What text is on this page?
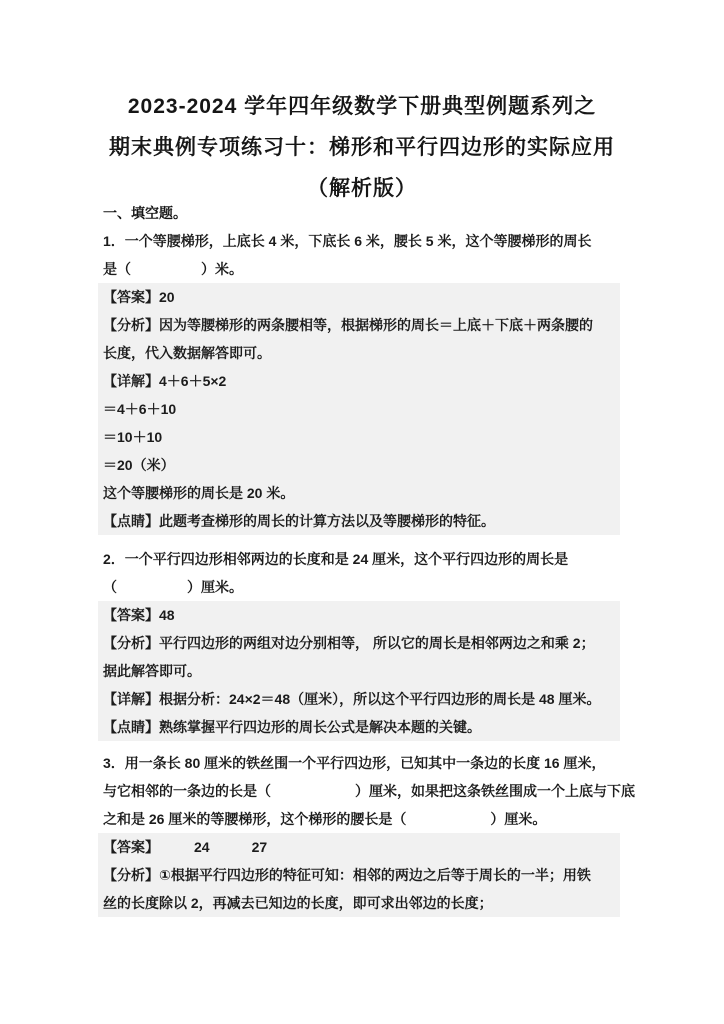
2023-2024 学年四年级数学下册典型例题系列之
期末典例专项练习十：梯形和平行四边形的实际应用
（解析版）
一、填空题。
1．一个等腰梯形，上底长 4 米，下底长 6 米，腰长 5 米，这个等腰梯形的周长
是（　　　　　）米。
【答案】20
【分析】因为等腰梯形的两条腰相等，根据梯形的周长＝上底＋下底＋两条腰的
长度，代入数据解答即可。
【详解】4＋6＋5×2
＝4＋6＋10
＝10＋10
＝20（米）
这个等腰梯形的周长是 20 米。
【点睛】此题考查梯形的周长的计算方法以及等腰梯形的特征。
2．一个平行四边形相邻两边的长度和是 24 厘米，这个平行四边形的周长是
（　　　　　）厘米。
【答案】48
【分析】平行四边形的两组对边分别相等， 所以它的周长是相邻两边之和乘 2；
据此解答即可。
【详解】根据分析：24×2＝48（厘米），所以这个平行四边形的周长是 48 厘米。
【点睛】熟练掌握平行四边形的周长公式是解决本题的关键。
3．用一条长 80 厘米的铁丝围一个平行四边形，已知其中一条边的长度 16 厘米，
与它相邻的一条边的长是（　　　　　　）厘米，如果把这条铁丝围成一个上底与下底
之和是 26 厘米的等腰梯形，这个梯形的腰长是（　　　　　　）厘米。
【答案】　　　24　　　27
【分析】①根据平行四边形的特征可知：相邻的两边之后等于周长的一半；用铁
丝的长度除以 2，再减去已知边的长度，即可求出邻边的长度；
